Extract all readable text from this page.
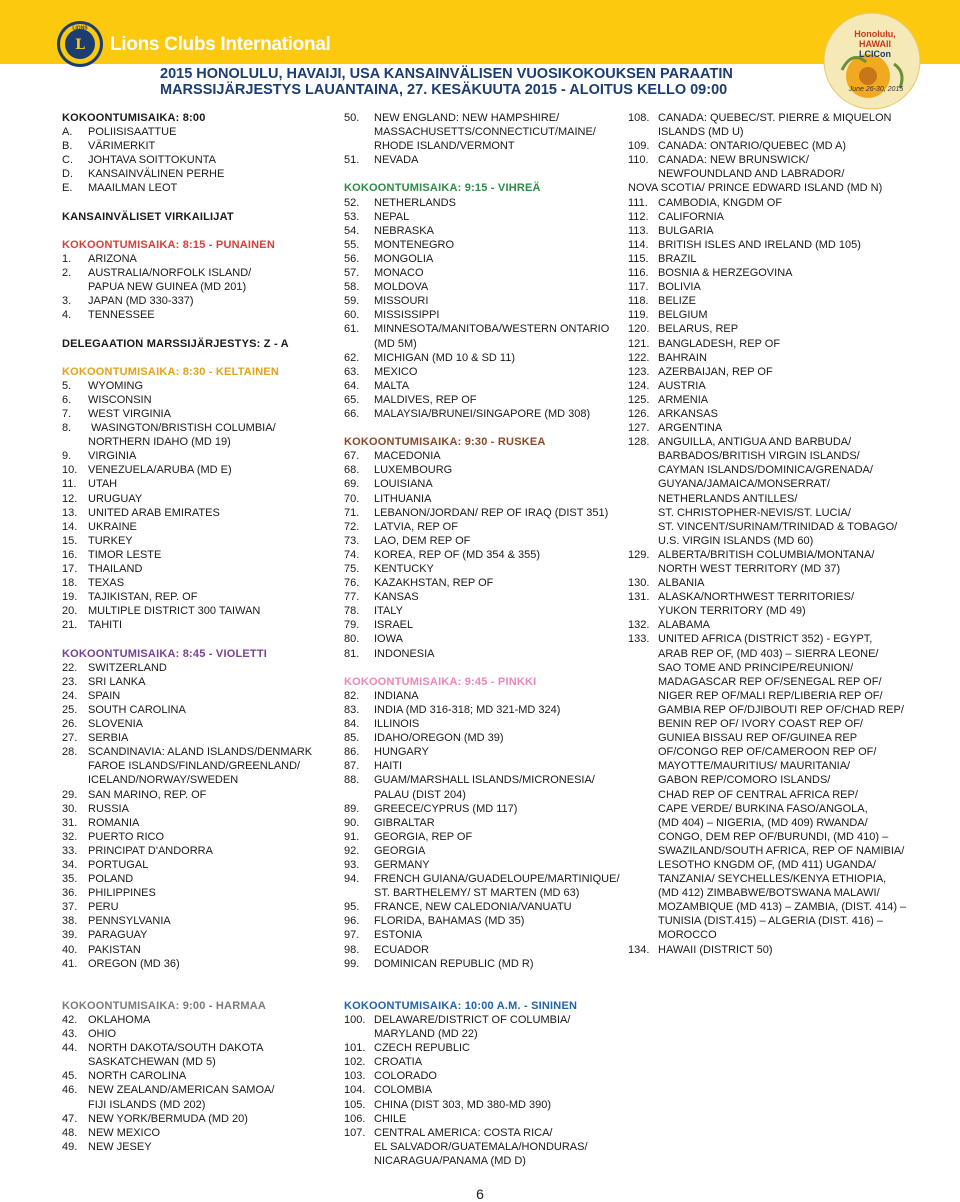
L
LIONS
Lions Clubs International	Honolulu,
HAWAII
LCICon
June 26-30, 2015
2015 HONOLULU, HAVAIJI, USA KANSAINVÄLISEN VUOSIKOKOUKSEN PARAATIN
MARSSIJÄRJESTYS LAUANTAINA, 27. KESÄKUUTA 2015 - ALOITUS KELLO 09:00
KOKOONTUMISAIKA: 8:00
A. POLIISISAATTUE
B. VÄRIMERKIT
C. JOHTAVA SOITTOKUNTA
D. KANSAINVÄLINEN PERHE
E. MAAILMAN LEOT
KANSAINVÄLISET VIRKAILIJAT
KOKOONTUMISAIKA: 8:15 - PUNAINEN
1. ARIZONA
2. AUSTRALIA/NORFOLK ISLAND/
PAPUA NEW GUINEA (MD 201)
3. JAPAN (MD 330-337)
4. TENNESSEE
DELEGAATION MARSSIJÄRJESTYS: Z - A
KOKOONTUMISAIKA: 8:30 - KELTAINEN
5. WYOMING
6. WISCONSIN
7. WEST VIRGINIA
8. WASINGTON/BRISTISH COLUMBIA/
NORTHERN IDAHO (MD 19)
9. VIRGINIA
10. VENEZUELA/ARUBA (MD E)
11. UTAH
12. URUGUAY
13. UNITED ARAB EMIRATES
14. UKRAINE
15. TURKEY
16. TIMOR LESTE
17. THAILAND
18. TEXAS
19. TAJIKISTAN, REP. OF
20. MULTIPLE DISTRICT 300 TAIWAN
21. TAHITI
KOKOONTUMISAIKA: 8:45 - VIOLETTI
22. SWITZERLAND
23. SRI LANKA
24. SPAIN
25. SOUTH CAROLINA
26. SLOVENIA
27. SERBIA
28. SCANDINAVIA: ALAND ISLANDS/DENMARK
FAROE ISLANDS/FINLAND/GREENLAND/
ICELAND/NORWAY/SWEDEN
29. SAN MARINO, REP. OF
30. RUSSIA
31. ROMANIA
32. PUERTO RICO
33. PRINCIPAT D'ANDORRA
34. PORTUGAL
35. POLAND
36. PHILIPPINES
37. PERU
38. PENNSYLVANIA
39. PARAGUAY
40. PAKISTAN
41. OREGON (MD 36)
KOKOONTUMISAIKA: 9:00 - HARMAA
42. OKLAHOMA
43. OHIO
44. NORTH DAKOTA/SOUTH DAKOTA
SASKATCHEWAN (MD 5)
45. NORTH CAROLINA
46. NEW ZEALAND/AMERICAN SAMOA/
FIJI ISLANDS (MD 202)
47. NEW YORK/BERMUDA (MD 20)
48. NEW MEXICO
49. NEW JESEY
50. NEW ENGLAND: NEW HAMPSHIRE/
MASSACHUSETTS/CONNECTICUT/MAINE/
RHODE ISLAND/VERMONT
51. NEVADA
KOKOONTUMISAIKA: 9:15 - VIHREÄ
52. NETHERLANDS
53. NEPAL
54. NEBRASKA
55. MONTENEGRO
56. MONGOLIA
57. MONACO
58. MOLDOVA
59. MISSOURI
60. MISSISSIPPI
61. MINNESOTA/MANITOBA/WESTERN ONTARIO
(MD 5M)
62. MICHIGAN (MD 10 & SD 11)
63. MEXICO
64. MALTA
65. MALDIVES, REP OF
66. MALAYSIA/BRUNEI/SINGAPORE (MD 308)
KOKOONTUMISAIKA: 9:30 - RUSKEA
67. MACEDONIA
68. LUXEMBOURG
69. LOUISIANA
70. LITHUANIA
71. LEBANON/JORDAN/ REP OF IRAQ (DIST 351)
72. LATVIA, REP OF
73. LAO, DEM REP OF
74. KOREA, REP OF (MD 354 & 355)
75. KENTUCKY
76. KAZAKHSTAN, REP OF
77. KANSAS
78. ITALY
79. ISRAEL
80. IOWA
81. INDONESIA
KOKOONTUMISAIKA: 9:45 - PINKKI
82. INDIANA
83. INDIA (MD 316-318; MD 321-MD 324)
84. ILLINOIS
85. IDAHO/OREGON (MD 39)
86. HUNGARY
87. HAITI
88. GUAM/MARSHALL ISLANDS/MICRONESIA/
PALAU (DIST 204)
89. GREECE/CYPRUS (MD 117)
90. GIBRALTAR
91. GEORGIA, REP OF
92. GEORGIA
93. GERMANY
94. FRENCH GUIANA/GUADELOUPE/MARTINIQUE/
ST. BARTHELEMY/ ST MARTEN (MD 63)
95. FRANCE, NEW CALEDONIA/VANUATU
96. FLORIDA, BAHAMAS (MD 35)
97. ESTONIA
98. ECUADOR
99. DOMINICAN REPUBLIC (MD R)
KOKOONTUMISAIKA: 10:00 A.M. - SININEN
100. DELAWARE/DISTRICT OF COLUMBIA/
MARYLAND (MD 22)
101. CZECH REPUBLIC
102. CROATIA
103. COLORADO
104. COLOMBIA
105. CHINA (DIST 303, MD 380-MD 390)
106. CHILE
107. CENTRAL AMERICA: COSTA RICA/
EL SALVADOR/GUATEMALA/HONDURAS/
NICARAGUA/PANAMA (MD D)
108. CANADA: QUEBEC/ST. PIERRE & MIQUELON
ISLANDS (MD U)
109. CANADA: ONTARIO/QUEBEC (MD A)
110. CANADA: NEW BRUNSWICK/
NEWFOUNDLAND AND LABRADOR/
NOVA SCOTIA/ PRINCE EDWARD ISLAND (MD N)
111. CAMBODIA, KNGDM OF
112. CALIFORNIA
113. BULGARIA
114. BRITISH ISLES AND IRELAND (MD 105)
115. BRAZIL
116. BOSNIA & HERZEGOVINA
117. BOLIVIA
118. BELIZE
119. BELGIUM
120. BELARUS, REP
121. BANGLADESH, REP OF
122. BAHRAIN
123. AZERBAIJAN, REP OF
124. AUSTRIA
125. ARMENIA
126. ARKANSAS
127. ARGENTINA
128. ANGUILLA, ANTIGUA AND BARBUDA/
BARBADOS/BRITISH VIRGIN ISLANDS/
CAYMAN ISLANDS/DOMINICA/GRENADA/
GUYANA/JAMAICA/MONSERRAT/
NETHERLANDS ANTILLES/
ST. CHRISTOPHER-NEVIS/ST. LUCIA/
ST. VINCENT/SURINAM/TRINIDAD & TOBAGO/
U.S. VIRGIN ISLANDS (MD 60)
129. ALBERTA/BRITISH COLUMBIA/MONTANA/
NORTH WEST TERRITORY (MD 37)
130. ALBANIA
131. ALASKA/NORTHWEST TERRITORIES/
YUKON TERRITORY (MD 49)
132. ALABAMA
133. UNITED AFRICA (DISTRICT 352) - EGYPT,
ARAB REP OF, (MD 403) – SIERRA LEONE/
SAO TOME AND PRINCIPE/REUNION/
MADAGASCAR REP OF/SENEGAL REP OF/
NIGER REP OF/MALI REP/LIBERIA REP OF/
GAMBIA REP OF/DJIBOUTI REP OF/CHAD REP/
BENIN REP OF/ IVORY COAST REP OF/
GUNIEA BISSAU REP OF/GUINEA REP
OF/CONGO REP OF/CAMEROON REP OF/
MAYOTTE/MAURITIUS/ MAURITANIA/
GABON REP/COMORO ISLANDS/
CHAD REP OF CENTRAL AFRICA REP/
CAPE VERDE/ BURKINA FASO/ANGOLA,
(MD 404) – NIGERIA, (MD 409) RWANDA/
CONGO, DEM REP OF/BURUNDI, (MD 410) –
SWAZILAND/SOUTH AFRICA, REP OF NAMIBIA/
LESOTHO KNGDM OF, (MD 411) UGANDA/
TANZANIA/ SEYCHELLES/KENYA ETHIOPIA,
(MD 412) ZIMBABWE/BOTSWANA MALAWI/
MOZAMBIQUE (MD 413) – ZAMBIA, (DIST. 414) –
TUNISIA (DIST.415) – ALGERIA (DIST. 416) –
MOROCCO
134. HAWAII (DISTRICT 50)
6
